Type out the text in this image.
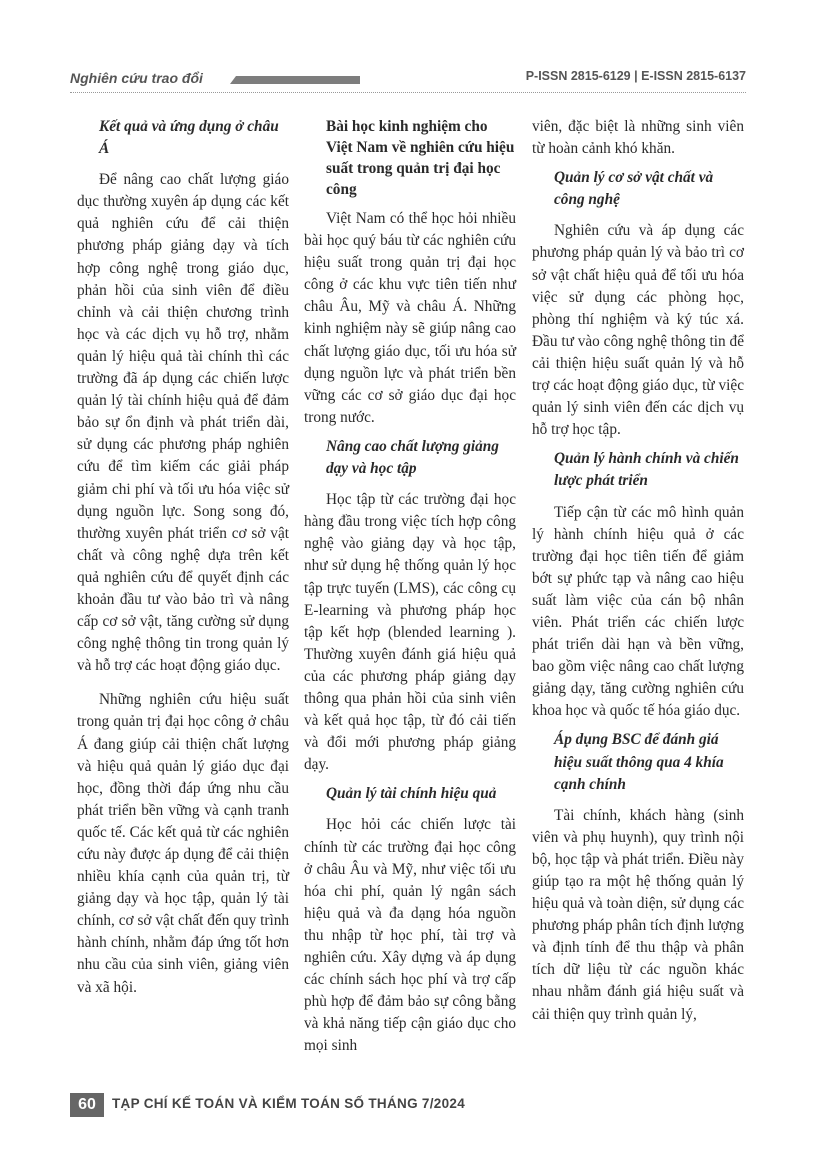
Nghiên cứu trao đổi	P-ISSN 2815-6129 | E-ISSN 2815-6137
Kết quả và ứng dụng ở châu Á

Để nâng cao chất lượng giáo dục thường xuyên áp dụng các kết quả nghiên cứu để cải thiện phương pháp giảng dạy và tích hợp công nghệ trong giáo dục, phản hồi của sinh viên để điều chỉnh và cải thiện chương trình học và các dịch vụ hỗ trợ, nhằm quản lý hiệu quả tài chính thì các trường đã áp dụng các chiến lược quản lý tài chính hiệu quả để đảm bảo sự ổn định và phát triển dài, sử dụng các phương pháp nghiên cứu để tìm kiếm các giải pháp giảm chi phí và tối ưu hóa việc sử dụng nguồn lực. Song song đó, thường xuyên phát triển cơ sở vật chất và công nghệ dựa trên kết quả nghiên cứu để quyết định các khoản đầu tư vào bảo trì và nâng cấp cơ sở vật, tăng cường sử dụng công nghệ thông tin trong quản lý và hỗ trợ các hoạt động giáo dục.

Những nghiên cứu hiệu suất trong quản trị đại học công ở châu Á đang giúp cải thiện chất lượng và hiệu quả quản lý giáo dục đại học, đồng thời đáp ứng nhu cầu phát triển bền vững và cạnh tranh quốc tế. Các kết quả từ các nghiên cứu này được áp dụng để cải thiện nhiều khía cạnh của quản trị, từ giảng dạy và học tập, quản lý tài chính, cơ sở vật chất đến quy trình hành chính, nhằm đáp ứng tốt hơn nhu cầu của sinh viên, giảng viên và xã hội.

Bài học kinh nghiệm cho Việt Nam về nghiên cứu hiệu suất trong quản trị đại học công

Việt Nam có thể học hỏi nhiều bài học quý báu từ các nghiên cứu hiệu suất trong quản trị đại học công ở các khu vực tiên tiến như châu Âu, Mỹ và châu Á. Những kinh nghiệm này sẽ giúp nâng cao chất lượng giáo dục, tối ưu hóa sử dụng nguồn lực và phát triển bền vững các cơ sở giáo dục đại học trong nước.

Nâng cao chất lượng giảng dạy và học tập

Học tập từ các trường đại học hàng đầu trong việc tích hợp công nghệ vào giảng dạy và học tập, như sử dụng hệ thống quản lý học tập trực tuyến (LMS), các công cụ E-learning và phương pháp học tập kết hợp (blended learning ). Thường xuyên đánh giá hiệu quả của các phương pháp giảng dạy thông qua phản hồi của sinh viên và kết quả học tập, từ đó cải tiến và đổi mới phương pháp giảng dạy.

Quản lý tài chính hiệu quả

Học hỏi các chiến lược tài chính từ các trường đại học công ở châu Âu và Mỹ, như việc tối ưu hóa chi phí, quản lý ngân sách hiệu quả và đa dạng hóa nguồn thu nhập từ học phí, tài trợ và nghiên cứu. Xây dựng và áp dụng các chính sách học phí và trợ cấp phù hợp để đảm bảo sự công bằng và khả năng tiếp cận giáo dục cho mọi sinh

viên, đặc biệt là những sinh viên từ hoàn cảnh khó khăn.

Quản lý cơ sở vật chất và công nghệ

Nghiên cứu và áp dụng các phương pháp quản lý và bảo trì cơ sở vật chất hiệu quả để tối ưu hóa việc sử dụng các phòng học, phòng thí nghiệm và ký túc xá. Đầu tư vào công nghệ thông tin để cải thiện hiệu suất quản lý và hỗ trợ các hoạt động giáo dục, từ việc quản lý sinh viên đến các dịch vụ hỗ trợ học tập.

Quản lý hành chính và chiến lược phát triển

Tiếp cận từ các mô hình quản lý hành chính hiệu quả ở các trường đại học tiên tiến để giảm bớt sự phức tạp và nâng cao hiệu suất làm việc của cán bộ nhân viên. Phát triển các chiến lược phát triển dài hạn và bền vững, bao gồm việc nâng cao chất lượng giảng dạy, tăng cường nghiên cứu khoa học và quốc tế hóa giáo dục.

Áp dụng BSC để đánh giá hiệu suất thông qua 4 khía cạnh chính

Tài chính, khách hàng (sinh viên và phụ huynh), quy trình nội bộ, học tập và phát triển. Điều này giúp tạo ra một hệ thống quản lý hiệu quả và toàn diện, sử dụng các phương pháp phân tích định lượng và định tính để thu thập và phân tích dữ liệu từ các nguồn khác nhau nhằm đánh giá hiệu suất và cải thiện quy trình quản lý,

60	TẠP CHÍ KẾ TOÁN VÀ KIỂM TOÁN SỐ THÁNG 7/2024
